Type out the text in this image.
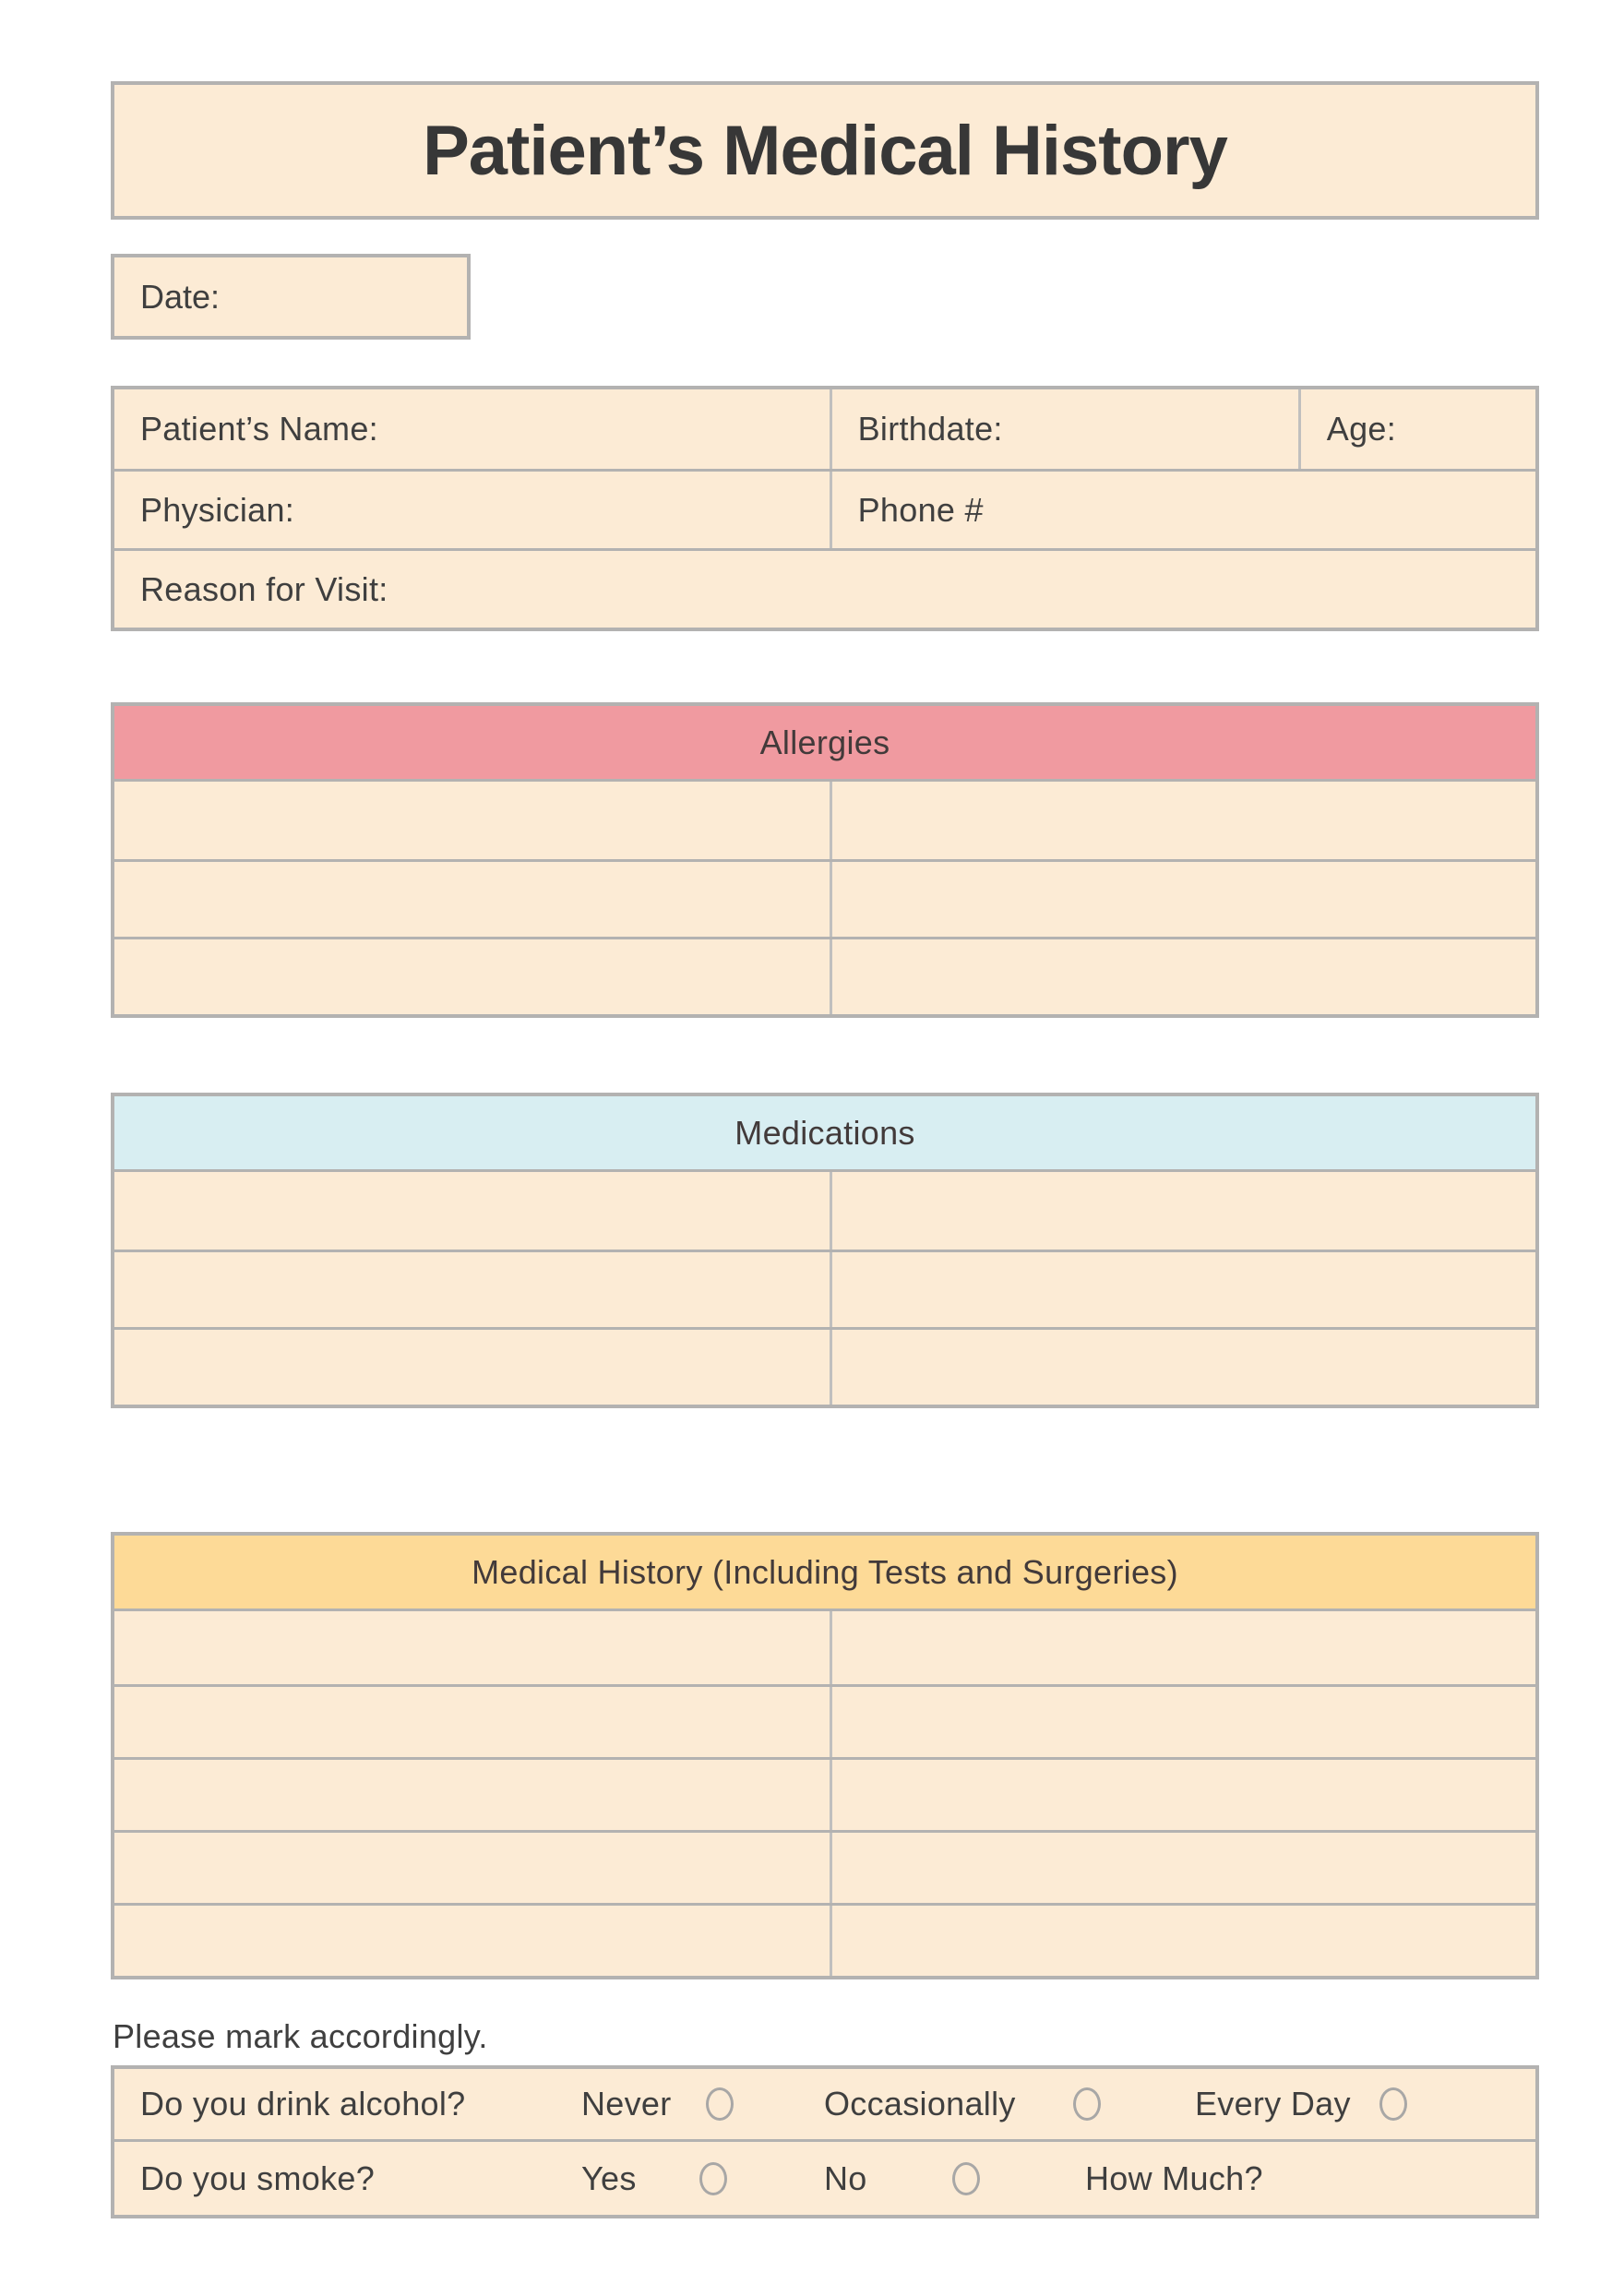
Patient’s Medical History
Date:
Patient’s Name:	Birthdate:	Age:
Physician:	Phone #
Reason for Visit:
Allergies
Medications
Medical History (Including Tests and Surgeries)

Please mark accordingly.

Do you drink alcohol?	Never	Occasionally	Every Day
Do you smoke?	Yes	No	How Much?
